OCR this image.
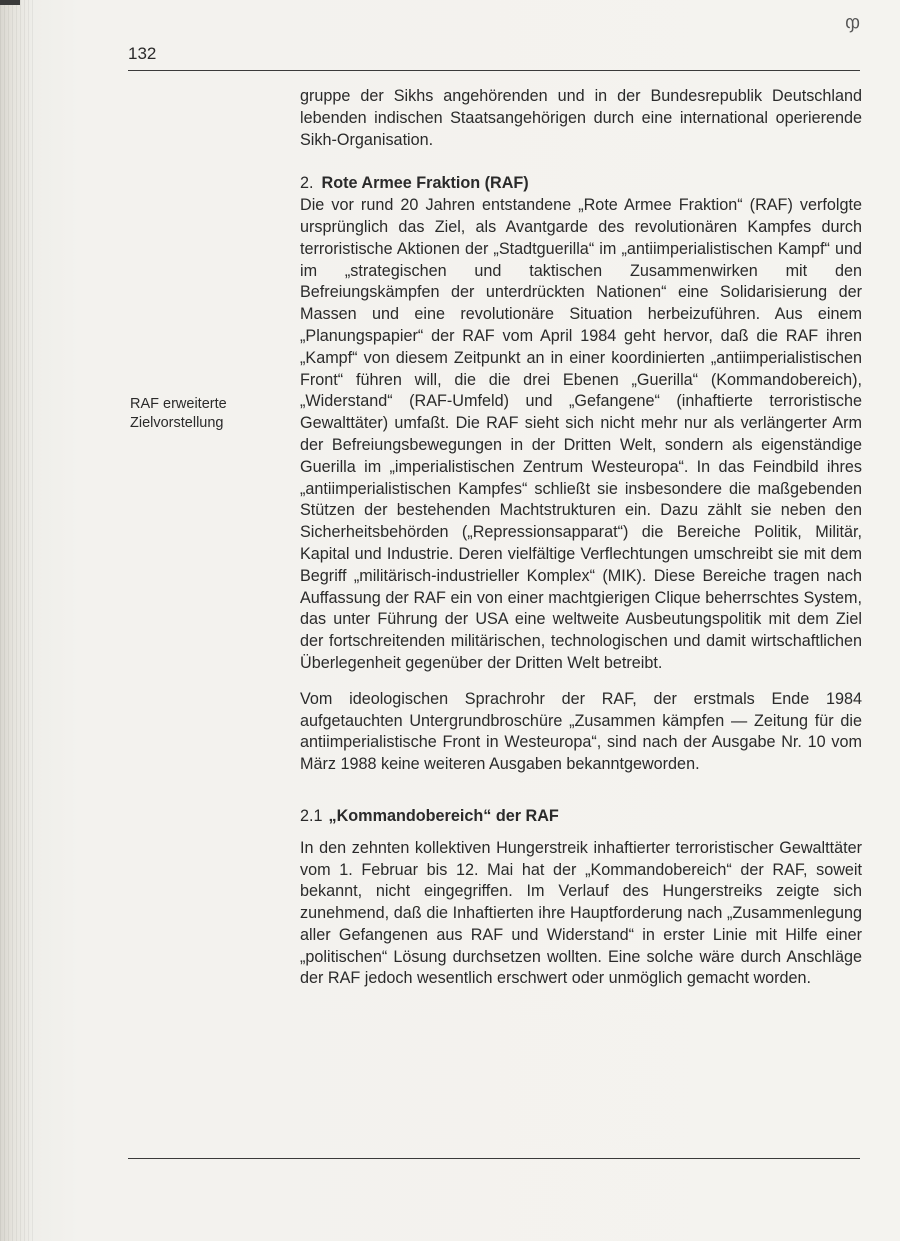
ჶ
132
RAF erweiterte
Zielvorstellung

gruppe der Sikhs angehörenden und in der Bundesrepublik Deutschland lebenden indischen Staatsangehörigen durch eine international operierende Sikh-Organisation.

2. Rote Armee Fraktion (RAF)

Die vor rund 20 Jahren entstandene „Rote Armee Fraktion“ (RAF) verfolgte ursprünglich das Ziel, als Avantgarde des revolutionären Kampfes durch terroristische Aktionen der „Stadtguerilla“ im „antiimperialistischen Kampf“ und im „strategischen und taktischen Zusammenwirken mit den Befreiungskämpfen der unterdrückten Nationen“ eine Solidarisierung der Massen und eine revolutionäre Situation herbeizuführen. Aus einem „Planungspapier“ der RAF vom April 1984 geht hervor, daß die RAF ihren „Kampf“ von diesem Zeitpunkt an in einer koordinierten „antiimperialistischen Front“ führen will, die die drei Ebenen „Guerilla“ (Kommandobereich), „Widerstand“ (RAF-Umfeld) und „Gefangene“ (inhaftierte terroristische Gewalttäter) umfaßt. Die RAF sieht sich nicht mehr nur als verlängerter Arm der Befreiungsbewegungen in der Dritten Welt, sondern als eigenständige Guerilla im „imperialistischen Zentrum Westeuropa“. In das Feindbild ihres „antiimperialistischen Kampfes“ schließt sie insbesondere die maßgebenden Stützen der bestehenden Machtstrukturen ein. Dazu zählt sie neben den Sicherheitsbehörden („Repressionsapparat“) die Bereiche Politik, Militär, Kapital und Industrie. Deren vielfältige Verflechtungen umschreibt sie mit dem Begriff „militärisch-industrieller Komplex“ (MIK). Diese Bereiche tragen nach Auffassung der RAF ein von einer machtgierigen Clique beherrschtes System, das unter Führung der USA eine weltweite Ausbeutungspolitik mit dem Ziel der fortschreitenden militärischen, technologischen und damit wirtschaftlichen Überlegenheit gegenüber der Dritten Welt betreibt.

Vom ideologischen Sprachrohr der RAF, der erstmals Ende 1984 aufgetauchten Untergrundbroschüre „Zusammen kämpfen — Zeitung für die antiimperialistische Front in Westeuropa“, sind nach der Ausgabe Nr. 10 vom März 1988 keine weiteren Ausgaben bekanntgeworden.

2.1 „Kommandobereich“ der RAF

In den zehnten kollektiven Hungerstreik inhaftierter terroristischer Gewalttäter vom 1. Februar bis 12. Mai hat der „Kommandobereich“ der RAF, soweit bekannt, nicht eingegriffen. Im Verlauf des Hungerstreiks zeigte sich zunehmend, daß die Inhaftierten ihre Hauptforderung nach „Zusammenlegung aller Gefangenen aus RAF und Widerstand“ in erster Linie mit Hilfe einer „politischen“ Lösung durchsetzen wollten. Eine solche wäre durch Anschläge der RAF jedoch wesentlich erschwert oder unmöglich gemacht worden.
